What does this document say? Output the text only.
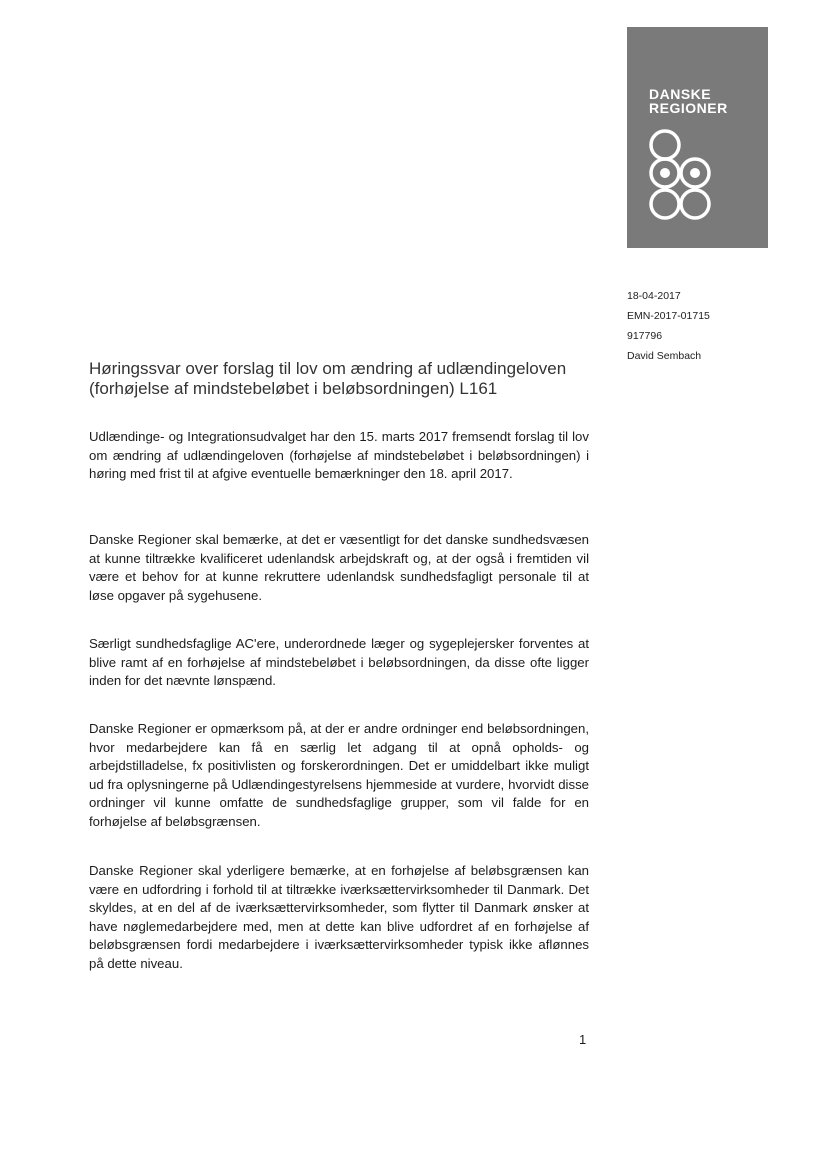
DANSKE
REGIONER
18-04-2017
EMN-2017-01715
917796
David Sembach
Høringssvar over forslag til lov om ændring af udlændingeloven (forhøjelse af mindstebeløbet i beløbsordningen) L161

Udlændinge- og Integrationsudvalget har den 15. marts 2017 fremsendt forslag til lov om ændring af udlændingeloven (forhøjelse af mindstebeløbet i beløbsordningen) i høring med frist til at afgive eventuelle bemærkninger den 18. april 2017.

Danske Regioner skal bemærke, at det er væsentligt for det danske sundhedsvæsen at kunne tiltrække kvalificeret udenlandsk arbejdskraft og, at der også i fremtiden vil være et behov for at kunne rekruttere udenlandsk sundhedsfagligt personale til at løse opgaver på sygehusene.

Særligt sundhedsfaglige AC'ere, underordnede læger og sygeplejersker forventes at blive ramt af en forhøjelse af mindstebeløbet i beløbsordningen, da disse ofte ligger inden for det nævnte lønspænd.

Danske Regioner er opmærksom på, at der er andre ordninger end beløbsordningen, hvor medarbejdere kan få en særlig let adgang til at opnå opholds- og arbejdstilladelse, fx positivlisten og forskerordningen. Det er umiddelbart ikke muligt ud fra oplysningerne på Udlændingestyrelsens hjemmeside at vurdere, hvorvidt disse ordninger vil kunne omfatte de sundhedsfaglige grupper, som vil falde for en forhøjelse af beløbsgrænsen.

Danske Regioner skal yderligere bemærke, at en forhøjelse af beløbsgrænsen kan være en udfordring i forhold til at tiltrække iværksættervirksomheder til Danmark. Det skyldes, at en del af de iværksættervirksomheder, som flytter til Danmark ønsker at have nøglemedarbejdere med, men at dette kan blive udfordret af en forhøjelse af beløbsgrænsen fordi medarbejdere i iværksættervirksomheder typisk ikke aflønnes på dette niveau.

1
